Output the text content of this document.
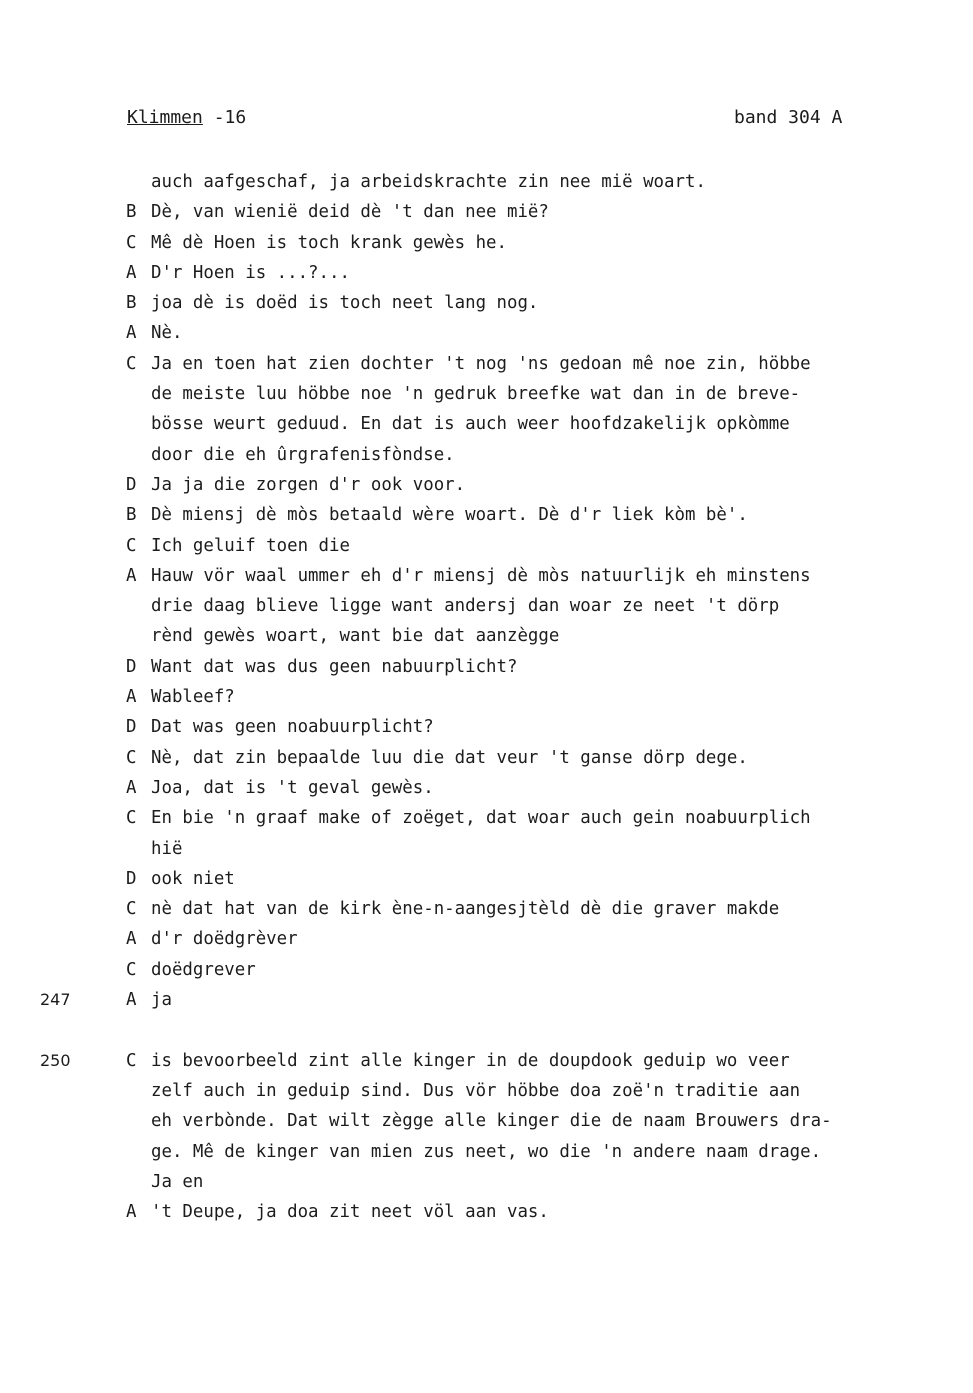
Klimmen -16	band 304 A
auch aafgeschaf, ja arbeidskrachte zin nee mië woart.
B Dè, van wienië deid dè 't dan nee mië?
C Mê dè Hoen is toch krank gewès he.
A D'r Hoen is ...?...
B joa dè is doëd is toch neet lang nog.
A Nè.
C Ja en toen hat zien dochter 't nog 'ns gedoan mê noe zin, höbbe
de meiste luu höbbe noe 'n gedruk breefke wat dan in de breve-
bösse weurt geduud. En dat is auch weer hoofdzakelijk opkòmme
door die eh ûrgrafenisfòndse.
D Ja ja die zorgen d'r ook voor.
B Dè miensj dè mòs betaald wère woart. Dè d'r liek kòm bè'.
C Ich geluif toen die
A Hauw vör waal ummer eh d'r miensj dè mòs natuurlijk eh minstens
drie daag blieve ligge want andersj dan woar ze neet 't dörp
rènd gewès woart, want bie dat aanzègge
D Want dat was dus geen nabuurplicht?
A Wableef?
D Dat was geen noabuurplicht?
C Nè, dat zin bepaalde luu die dat veur 't ganse dörp dege.
A Joa, dat is 't geval gewès.
C En bie 'n graaf make of zoëget, dat woar auch gein noabuurplich
hië
D ook niet
C nè dat hat van de kirk ène-n-aangesjtèld dè die graver makde
A d'r doëdgrèver
C doëdgrever
247	A ja
250	C is bevoorbeeld zint alle kinger in de doupdook geduip wo veer
zelf auch in geduip sind. Dus vör höbbe doa zoë'n traditie aan
eh verbònde. Dat wilt zègge alle kinger die de naam Brouwers dra-
ge. Mê de kinger van mien zus neet, wo die 'n andere naam drage.
Ja en
A 't Deupe, ja doa zit neet völ aan vas.
